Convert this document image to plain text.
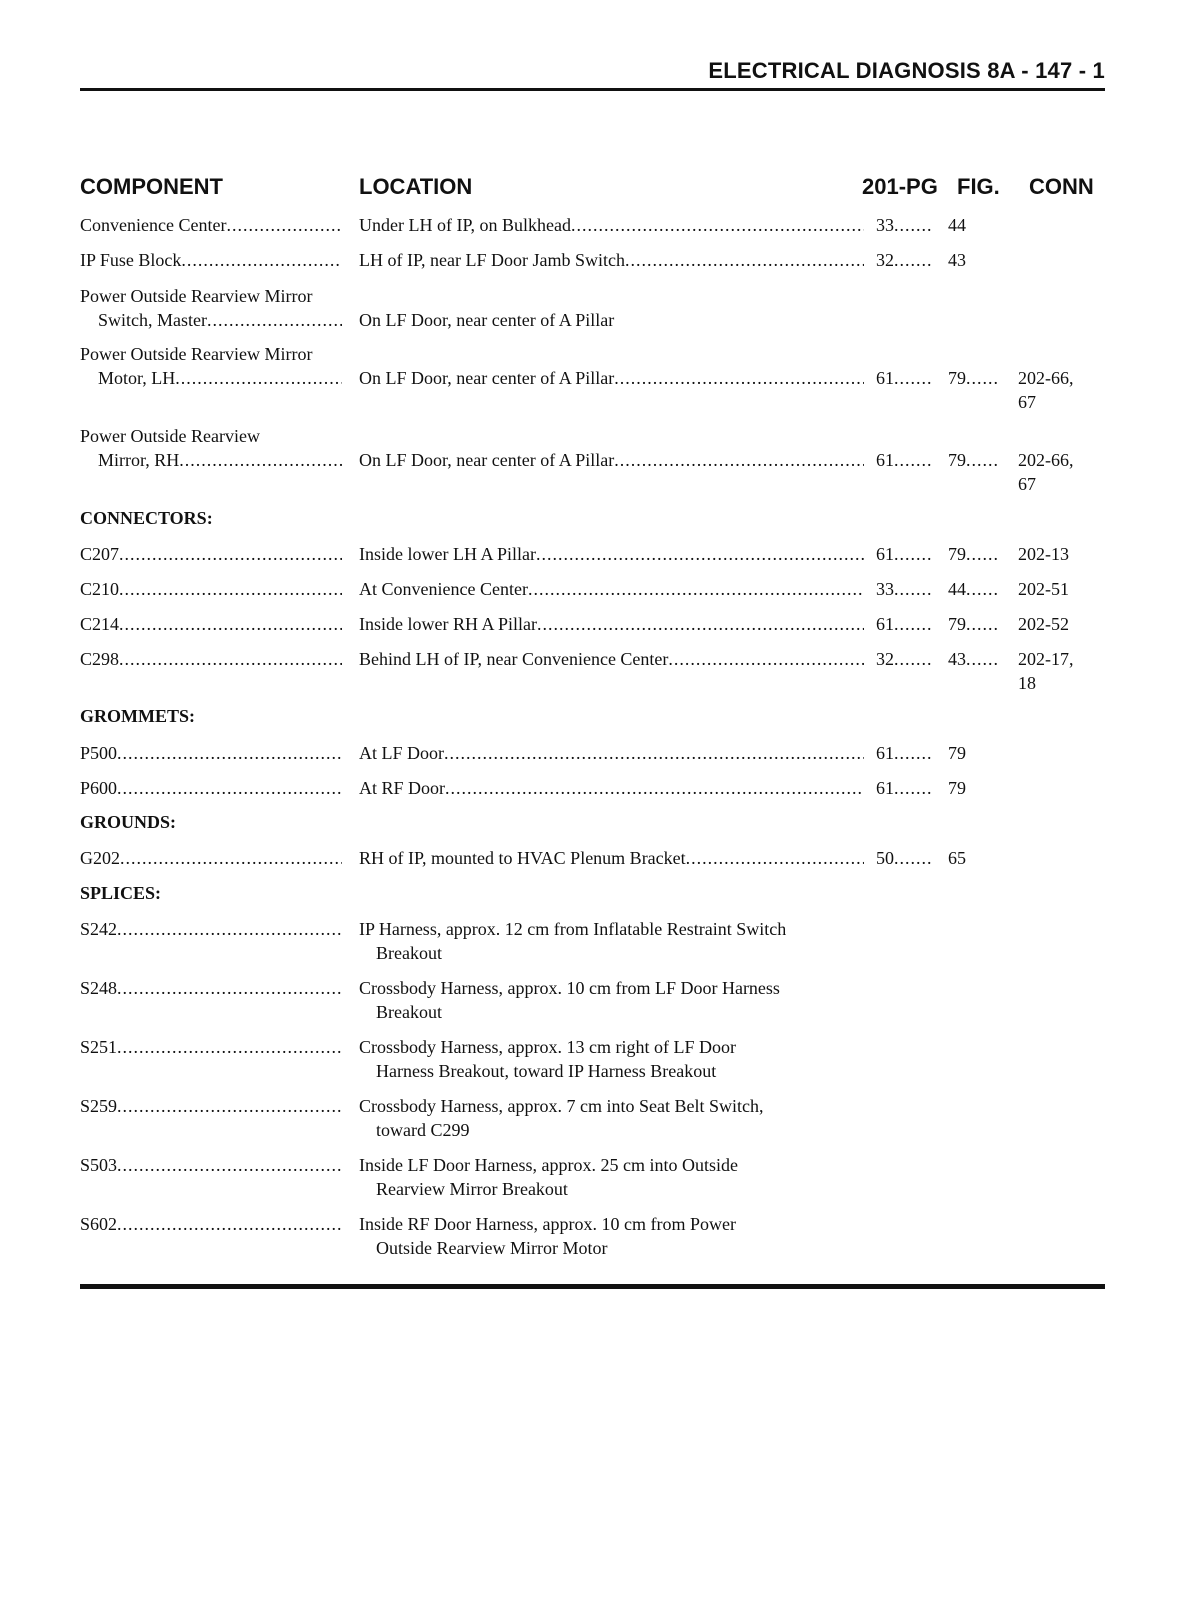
ELECTRICAL DIAGNOSIS 8A - 147 - 1
COMPONENT	LOCATION	201-PG FIG. CONN
Convenience Center .....	Under LH of IP, on Bulkhead .....	33 .....	44
IP Fuse Block .....	LH of IP, near LF Door Jamb Switch .....	32 .....	43
Power Outside Rearview Mirror
Switch, Master .....	On LF Door, near center of A Pillar
Power Outside Rearview Mirror
Motor, LH .....	On LF Door, near center of A Pillar .....	61 .....	79 .....	202-66,
67
Power Outside Rearview
Mirror, RH .....	On LF Door, near center of A Pillar .....	61 .....	79 .....	202-66,
67
CONNECTORS:
C207 .....	Inside lower LH A Pillar .....	61 .....	79 .....	202-13
C210 .....	At Convenience Center .....	33 .....	44 .....	202-51
C214 .....	Inside lower RH A Pillar .....	61 .....	79 .....	202-52
C298 .....	Behind LH of IP, near Convenience Center .....	32 .....	43 .....	202-17,
18
GROMMETS:
P500 .....	At LF Door .....	61 .....	79
P600 .....	At RF Door .....	61 .....	79
GROUNDS:
G202 .....	RH of IP, mounted to HVAC Plenum Bracket .....	50 .....	65
SPLICES:
S242 .....	IP Harness, approx. 12 cm from Inflatable Restraint Switch
Breakout
S248 .....	Crossbody Harness, approx. 10 cm from LF Door Harness
Breakout
S251 .....	Crossbody Harness, approx. 13 cm right of LF Door
Harness Breakout, toward IP Harness Breakout
S259 .....	Crossbody Harness, approx. 7 cm into Seat Belt Switch,
toward C299
S503 .....	Inside LF Door Harness, approx. 25 cm into Outside
Rearview Mirror Breakout
S602 .....	Inside RF Door Harness, approx. 10 cm from Power
Outside Rearview Mirror Motor
